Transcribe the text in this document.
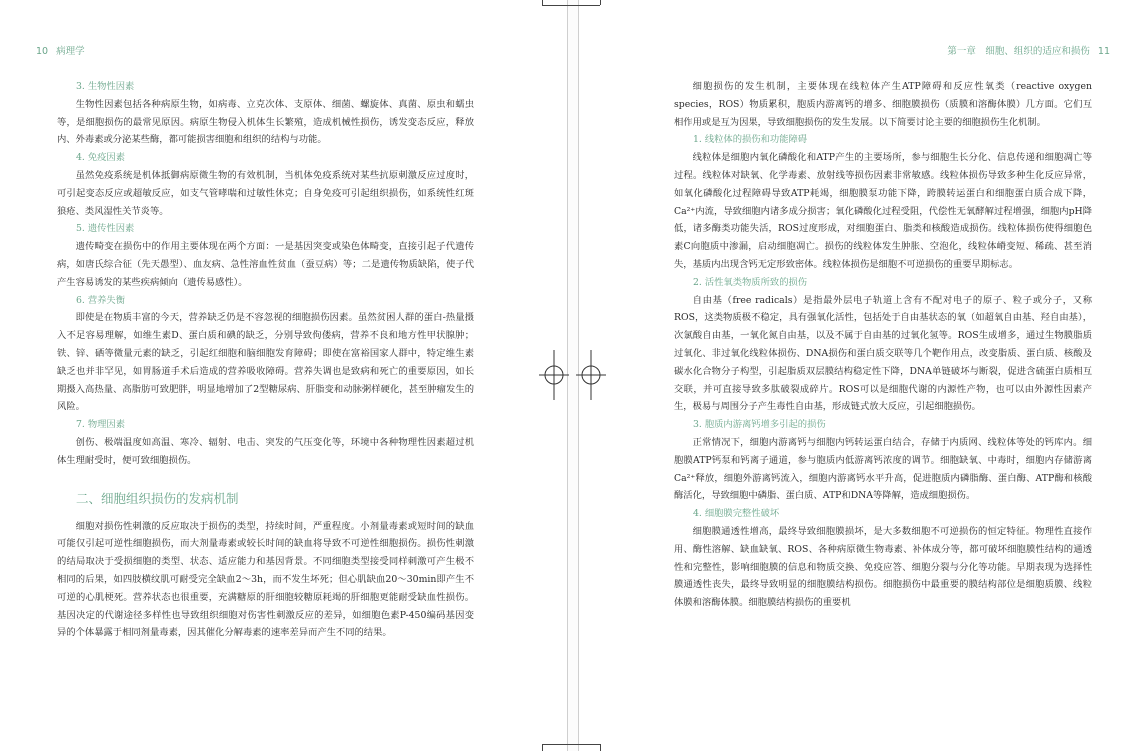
10 病理学
3. 生物性因素
生物性因素包括各种病原生物，如病毒、立克次体、支原体、细菌、螺旋体、真菌、原虫和蠕虫等，是细胞损伤的最常见原因。病原生物侵入机体生长繁殖，造成机械性损伤，诱发变态反应，释放内、外毒素或分泌某些酶，都可能损害细胞和组织的结构与功能。
4. 免疫因素
虽然免疫系统是机体抵御病原微生物的有效机制，当机体免疫系统对某些抗原刺激反应过度时，可引起变态反应或超敏反应，如支气管哮喘和过敏性休克；自身免疫可引起组织损伤，如系统性红斑狼疮、类风湿性关节炎等。
5. 遗传性因素
遗传畸变在损伤中的作用主要体现在两个方面：一是基因突变或染色体畸变，直接引起子代遗传病，如唐氏综合征（先天愚型）、血友病、急性溶血性贫血（蚕豆病）等；二是遗传物质缺陷，使子代产生容易诱发的某些疾病倾向（遗传易感性）。
6. 营养失衡
即使是在物质丰富的今天，营养缺乏仍是不容忽视的细胞损伤因素。虽然贫困人群的蛋白-热量摄入不足容易理解，如维生素D、蛋白质和碘的缺乏，分别导致佝偻病，营养不良和地方性甲状腺肿；铁、锌、硒等微量元素的缺乏，引起红细胞和脑细胞发育障碍；即使在富裕国家人群中，特定维生素缺乏也并非罕见，如胃肠道手术后造成的营养吸收障碍。营养失调也是致病和死亡的重要原因，如长期摄入高热量、高脂肪可致肥胖，明显地增加了2型糖尿病、肝脂变和动脉粥样硬化，甚至肿瘤发生的风险。
7. 物理因素
创伤、极端温度如高温、寒冷、辐射、电击、突发的气压变化等，环境中各种物理性因素超过机体生理耐受时，便可致细胞损伤。
二、细胞组织损伤的发病机制
细胞对损伤性刺激的反应取决于损伤的类型，持续时间，严重程度。小剂量毒素或短时间的缺血可能仅引起可逆性细胞损伤，而大剂量毒素或较长时间的缺血将导致不可逆性细胞损伤。损伤性刺激的结局取决于受损细胞的类型、状态、适应能力和基因背景。不同细胞类型接受同样刺激可产生极不相同的后果，如四肢横纹肌可耐受完全缺血2～3h，而不发生坏死；但心肌缺血20～30min即产生不可逆的心肌梗死。营养状态也很重要，充满糖原的肝细胞较糖原耗竭的肝细胞更能耐受缺血性损伤。基因决定的代谢途径多样性也导致组织细胞对伤害性刺激反应的差异，如细胞色素P-450编码基因变异的个体暴露于相同剂量毒素，因其催化分解毒素的速率差异而产生不同的结果。
第一章　细胞、组织的适应和损伤 11
细胞损伤的发生机制，主要体现在线粒体产生ATP障碍和反应性氧类（reactive oxygen species，ROS）物质累积，胞质内游离钙的增多、细胞膜损伤（质膜和溶酶体膜）几方面。它们互相作用或是互为因果，导致细胞损伤的发生发展。以下简要讨论主要的细胞损伤生化机制。
1. 线粒体的损伤和功能障碍
线粒体是细胞内氧化磷酸化和ATP产生的主要场所，参与细胞生长分化、信息传递和细胞凋亡等过程。线粒体对缺氧、化学毒素、放射线等损伤因素非常敏感。线粒体损伤导致多种生化反应异常，如氧化磷酸化过程障碍导致ATP耗竭，细胞膜泵功能下降，跨膜转运蛋白和细胞蛋白质合成下降，Ca²⁺内流，导致细胞内诸多成分损害；氧化磷酸化过程受阻，代偿性无氧酵解过程增强，细胞内pH降低，诸多酶类功能失活，ROS过度形成，对细胞蛋白、脂类和核酸造成损伤。线粒体损伤使得细胞色素C向胞质中渗漏，启动细胞凋亡。损伤的线粒体发生肿胀、空泡化，线粒体嵴变短、稀疏、甚至消失，基质内出现含钙无定形致密体。线粒体损伤是细胞不可逆损伤的重要早期标志。
2. 活性氧类物质所致的损伤
自由基（free radicals）是指最外层电子轨道上含有不配对电子的原子、粒子或分子，又称ROS，这类物质极不稳定，具有强氧化活性，包括处于自由基状态的氧（如超氧自由基、羟自由基），次氯酸自由基，一氧化氮自由基，以及不属于自由基的过氧化氢等。ROS生成增多，通过生物膜脂质过氧化、非过氧化线粒体损伤、DNA损伤和蛋白质交联等几个靶作用点，改变脂质、蛋白质、核酸及碳水化合物分子构型，引起脂质双层膜结构稳定性下降，DNA单链破坏与断裂，促进含硫蛋白质相互交联，并可直接导致多肽破裂成碎片。ROS可以是细胞代谢的内源性产物，也可以由外源性因素产生，极易与周围分子产生毒性自由基，形成链式放大反应，引起细胞损伤。
3. 胞质内游离钙增多引起的损伤
正常情况下，细胞内游离钙与细胞内钙转运蛋白结合，存储于内质网、线粒体等处的钙库内。细胞膜ATP钙泵和钙离子通道，参与胞质内低游离钙浓度的调节。细胞缺氧、中毒时，细胞内存储游离Ca²⁺释放，细胞外游离钙流入，细胞内游离钙水平升高，促进胞质内磷脂酶、蛋白酶、ATP酶和核酸酶活化，导致细胞中磷脂、蛋白质、ATP和DNA等降解，造成细胞损伤。
4. 细胞膜完整性破坏
细胞膜通透性增高，最终导致细胞膜损坏，是大多数细胞不可逆损伤的恒定特征。物理性直接作用、酶性溶解、缺血缺氧、ROS、各种病原微生物毒素、补体成分等，都可破坏细胞膜性结构的通透性和完整性，影响细胞膜的信息和物质交换、免疫应答、细胞分裂与分化等功能。早期表现为选择性膜通透性丧失，最终导致明显的细胞膜结构损伤。细胞损伤中最重要的膜结构部位是细胞质膜、线粒体膜和溶酶体膜。细胞膜结构损伤的重要机
